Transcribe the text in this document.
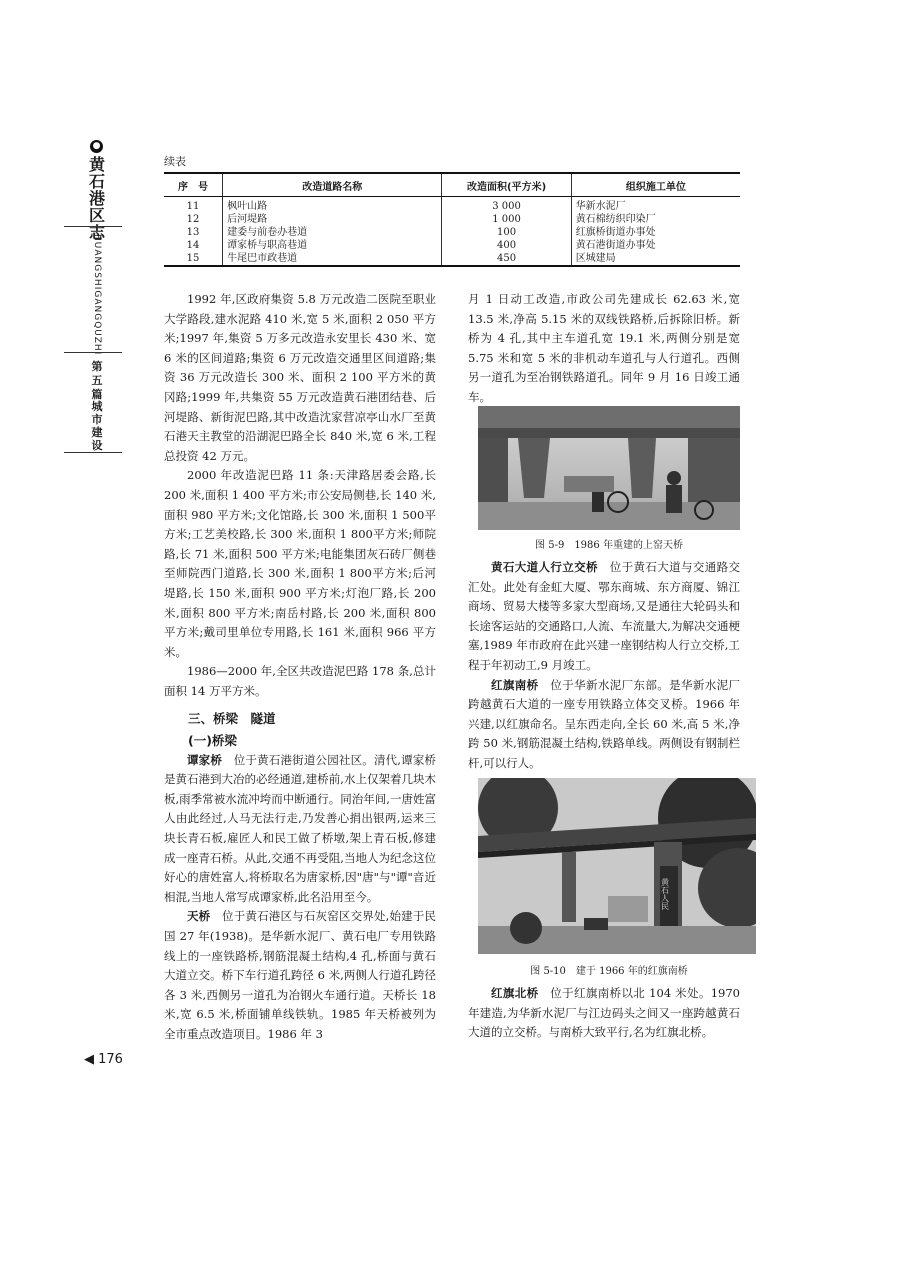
●
黄石港区志
HUANGSHIGANGQUZHI
第五篇
城市建设
续表
序　号	改造道路名称	改造面积(平方米)	组织施工单位
11	枫叶山路	3 000	华新水泥厂
12	后河堤路	1 000	黄石棉纺织印染厂
13	建委与前卷办巷道	100	红旗桥街道办事处
14	谭家桥与职高巷道	400	黄石港街道办事处
15	牛尾巴市政巷道	450	区城建局

1992 年,区政府集资 5.8 万元改造二医院至职业大学路段,建水泥路 410 米,宽 5 米,面积 2 050 平方米;1997 年,集资 5 万多元改造永安里长 430 米、宽 6 米的区间道路;集资 6 万元改造交通里区间道路;集资 36 万元改造长 300 米、面积 2 100 平方米的黄冈路;1999 年,共集资 55 万元改造黄石港团结巷、后河堤路、新街泥巴路,其中改造沈家营凉亭山水厂至黄石港天主教堂的沿湖泥巴路全长 840 米,宽 6 米,工程总投资 42 万元。

2000 年改造泥巴路 11 条:天津路居委会路,长 200 米,面积 1 400 平方米;市公安局侧巷,长 140 米,面积 980 平方米;文化馆路,长 300 米,面积 1 500平方米;工艺美校路,长 300 米,面积 1 800平方米;师院路,长 71 米,面积 500 平方米;电能集团灰石砖厂侧巷至师院西门道路,长 300 米,面积 1 800平方米;后河堤路,长 150 米,面积 900 平方米;灯泡厂路,长 200 米,面积 800 平方米;南岳村路,长 200 米,面积 800 平方米;戴司里单位专用路,长 161 米,面积 966 平方米。

1986—2000 年,全区共改造泥巴路 178 条,总计面积 14 万平方米。

三、桥梁　隧道
(一)桥梁

谭家桥　位于黄石港街道公园社区。清代,谭家桥是黄石港到大冶的必经通道,建桥前,水上仅架着几块木板,雨季常被水流冲垮而中断通行。同治年间,一唐姓富人由此经过,人马无法行走,乃发善心捐出银两,运来三块长青石板,雇匠人和民工做了桥墩,架上青石板,修建成一座青石桥。从此,交通不再受阻,当地人为纪念这位好心的唐姓富人,将桥取名为唐家桥,因"唐"与"谭"音近相混,当地人常写成谭家桥,此名沿用至今。

天桥　位于黄石港区与石灰窑区交界处,始建于民国 27 年(1938)。是华新水泥厂、黄石电厂专用铁路线上的一座铁路桥,钢筋混凝土结构,4 孔,桥面与黄石大道立交。桥下车行道孔跨径 6 米,两侧人行道孔跨径各 3 米,西侧另一道孔为冶钢火车通行道。天桥长 18 米,宽 6.5 米,桥面铺单线铁轨。1985 年天桥被列为全市重点改造项目。1986 年 3

月 1 日动工改造,市政公司先建成长 62.63 米,宽 13.5 米,净高 5.15 米的双线铁路桥,后拆除旧桥。新桥为 4 孔,其中主车道孔宽 19.1 米,两侧分别是宽 5.75 米和宽 5 米的非机动车道孔与人行道孔。西侧另一道孔为至冶钢铁路道孔。同年 9 月 16 日竣工通车。

图 5-9　1986 年重建的上窑天桥

黄石大道人行立交桥　位于黄石大道与交通路交汇处。此处有金虹大厦、鄂东商城、东方商厦、锦江商场、贸易大楼等多家大型商场,又是通往大轮码头和长途客运站的交通路口,人流、车流量大,为解决交通梗塞,1989 年市政府在此兴建一座钢结构人行立交桥,工程于年初动工,9 月竣工。

红旗南桥　位于华新水泥厂东部。是华新水泥厂跨越黄石大道的一座专用铁路立体交叉桥。1966 年兴建,以红旗命名。呈东西走向,全长 60 米,高 5 米,净跨 50 米,钢筋混凝土结构,铁路单线。两侧设有钢制栏杆,可以行人。

黄石人民
图 5-10　建于 1966 年的红旗南桥

红旗北桥　位于红旗南桥以北 104 米处。1970 年建造,为华新水泥厂与江边码头之间又一座跨越黄石大道的立交桥。与南桥大致平行,名为红旗北桥。

◀ 176
